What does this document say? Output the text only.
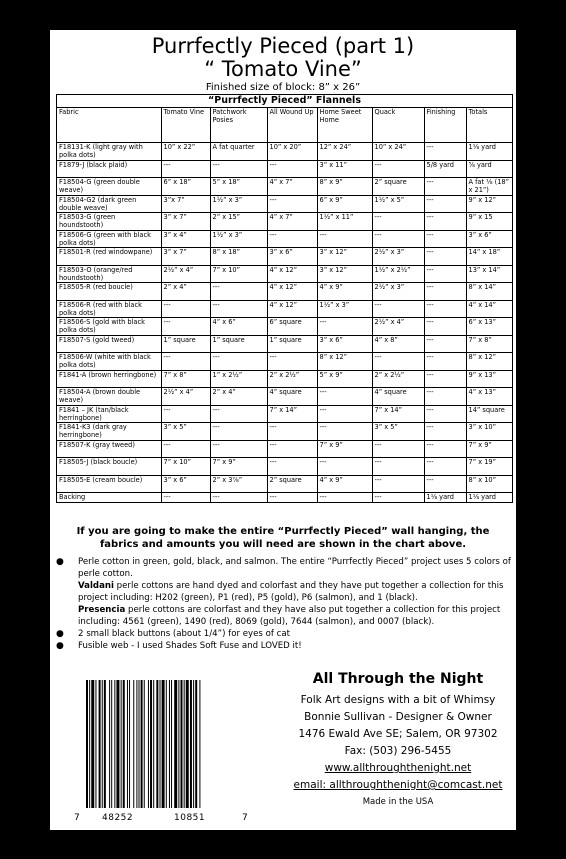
Purrfectly Pieced (part 1)
“ Tomato Vine”
Finished size of block: 8” x 26”
“Purrfectly Pieced” Flannels
Fabric	Tomato Vine	Patchwork Posies	All Wound Up	Home Sweet Home	Quack	Finishing	Totals
F18131-K (light gray with polka dots)	10” x 22”	A fat quarter	10” x 20”	12” x 24”	10” x 24”	---	1⅛ yard
F1879-J (black plaid)	---	---	---	3” x 11”	---	5/8 yard	⅝ yard
F18504-G (green double weave)	6” x 18”	5” x 18”	4” x 7”	8” x 9”	2” square	---	A fat ⅛ (18” x 21”)
F18504-G2 (dark green double weave)	3”x 7”	1½” x 3”	---	6” x 9”	1½” x 5”	---	9” x 12”
F18503-G (green houndstooth)	3” x 7”	2” x 15”	4” x 7”	1½” x 11”	---	---	9” x 15
F18506-G (green with black polka dots)	3” x 4”	1½” x 3”	---	---	---	---	3” x 6”
F18501-R (red windowpane)	3” x 7”	8” x 18”	3” x 6”	3” x 12”	2½” x 3”	---	14” x 18”
F18503-O (orange/red houndstooth)	2½” x 4”	7” x 10”	4” x 12”	3” x 12”	1½” x 2½”	---	13” x 14”
F18505-R (red boucle)	2” x 4”	---	4” x 12”	4” x 9”	2½” x 3”	---	8” x 14”
F18506-R (red with black polka dots)	---	---	4” x 12”	1½” x 3”	---	---	4” x 14”
F18506-S (gold with black polka dots)	---	4” x 6”	6” square	---	2½” x 4”	---	6” x 13”
F18507-S (gold tweed)	1” square	1” square	1” square	3” x 6”	4” x 8”	---	7” x 8”
F18506-W (white with black polka dots)	---	---	---	8” x 12”	---	---	8” x 12”
F1841-A (brown herringbone)	7” x 8”	1” x 2½”	2” x 2½”	5” x 9”	2” x 2½”	---	9” x 13”
F18504-A (brown double weave)	2½” x 4”	2” x 4”	4” square	---	4” square	---	4” x 13”
F1841 – JK (tan/black herringbone)	---	---	7” x 14”	---	7” x 14”	---	14” square
F1841-K3 (dark gray herringbone)	3” x 5”	---	---	---	3” x 5”	---	3” x 10”
F18507-K (gray tweed)	---	---	---	7” x 9”	---	---	7” x 9”
F18505-J (black boucle)	7” x 10”	7” x 9”	---	---	---	---	7” x 19”
F18505-E (cream boucle)	3” x 6”	2” x 3⅞”	2” square	4” x 9”	---	---	8” x 10”
Backing	---	---	---	---	---	1⅛ yard	1⅛ yard
If you are going to make the entire “Purrfectly Pieced” wall hanging, the
fabrics and amounts you will need are shown in the chart above.
● Perle cotton in green, gold, black, and salmon. The entire “Purrfectly Pieced” project uses 5 colors of perle cotton.
Valdani perle cottons are hand dyed and colorfast and they have put together a collection for this project including: H202 (green), P1 (red), P5 (gold), P6 (salmon), and 1 (black).
Presencia perle cottons are colorfast and they have also put together a collection for this project including: 4561 (green), 1490 (red), 8069 (gold), 7644 (salmon), and 0007 (black).
● 2 small black buttons (about 1/4”) for eyes of cat
● Fusible web - I used Shades Soft Fuse and LOVED it!
7 48252	10851	7
All Through the Night
Folk Art designs with a bit of Whimsy
Bonnie Sullivan - Designer & Owner
1476 Ewald Ave SE; Salem, OR 97302
Fax: (503) 296-5455
www.allthroughthenight.net
email: allthroughthenight@comcast.net
Made in the USA
